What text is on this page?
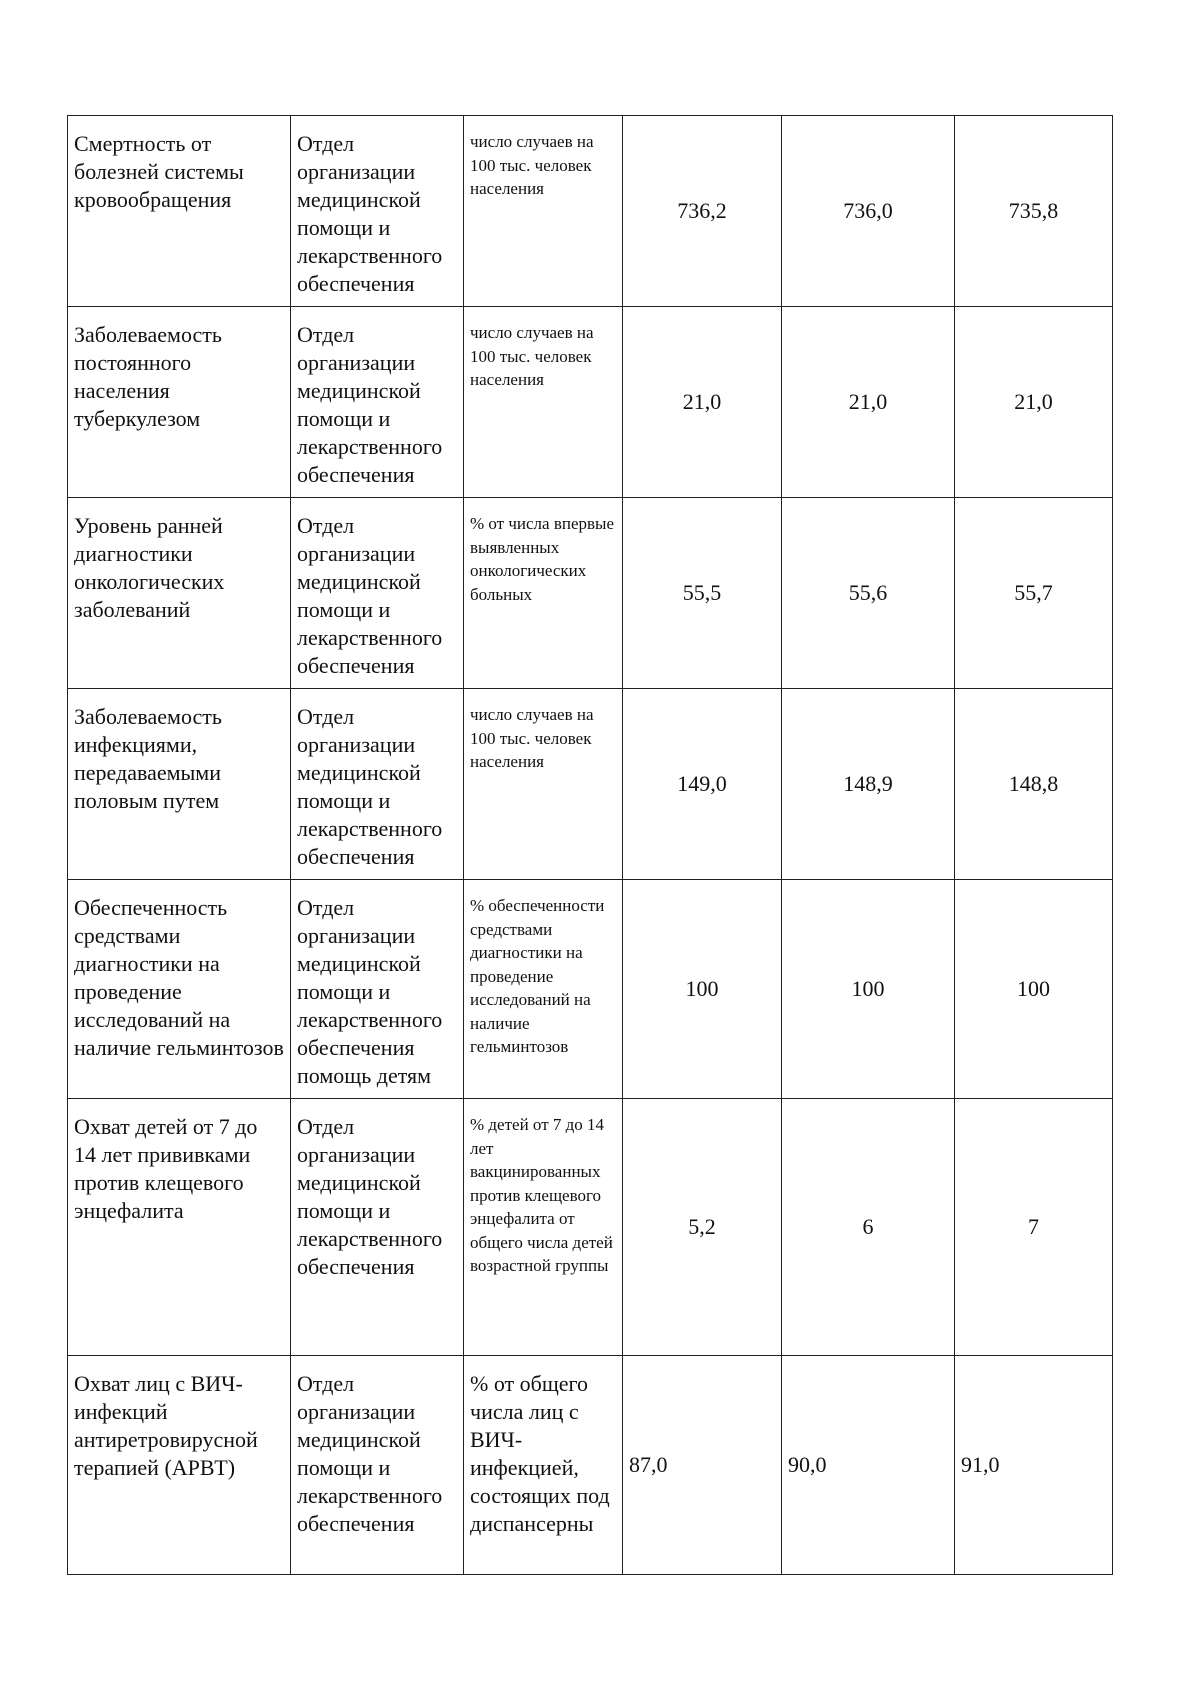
Смертность от болезней системы кровообращения	Отдел организации медицинской помощи и лекарственного обеспечения	число случаев на 100 тыс. человек населения	736,2	736,0	735,8
Заболеваемость постоянного населения туберкулезом	Отдел организации медицинской помощи и лекарственного обеспечения	число случаев на 100 тыс. человек населения	21,0	21,0	21,0
Уровень ранней диагностики онкологических заболеваний	Отдел организации медицинской помощи и лекарственного обеспечения	% от числа впервые выявленных онкологических больных	55,5	55,6	55,7
Заболеваемость инфекциями, передаваемыми половым путем	Отдел организации медицинской помощи и лекарственного обеспечения	число случаев на 100 тыс. человек населения	149,0	148,9	148,8
Обеспеченность средствами диагностики на проведение исследований на наличие гельминтозов	Отдел организации медицинской помощи и лекарственного обеспечения помощь детям	% обеспеченности средствами диагностики на проведение исследований на наличие гельминтозов	100	100	100
Охват детей от 7 до 14 лет прививками против клещевого энцефалита	Отдел организации медицинской помощи и лекарственного обеспечения	% детей от 7 до 14 лет вакцинированных против клещевого энцефалита от общего числа детей возрастной группы	5,2	6	7
Охват лиц с ВИЧ-инфекций антиретровирусной терапией (АРВТ)	Отдел организации медицинской помощи и лекарственного обеспечения	% от общего числа лиц с ВИЧ-инфекцией, состоящих под диспансерны	87,0	90,0	91,0
